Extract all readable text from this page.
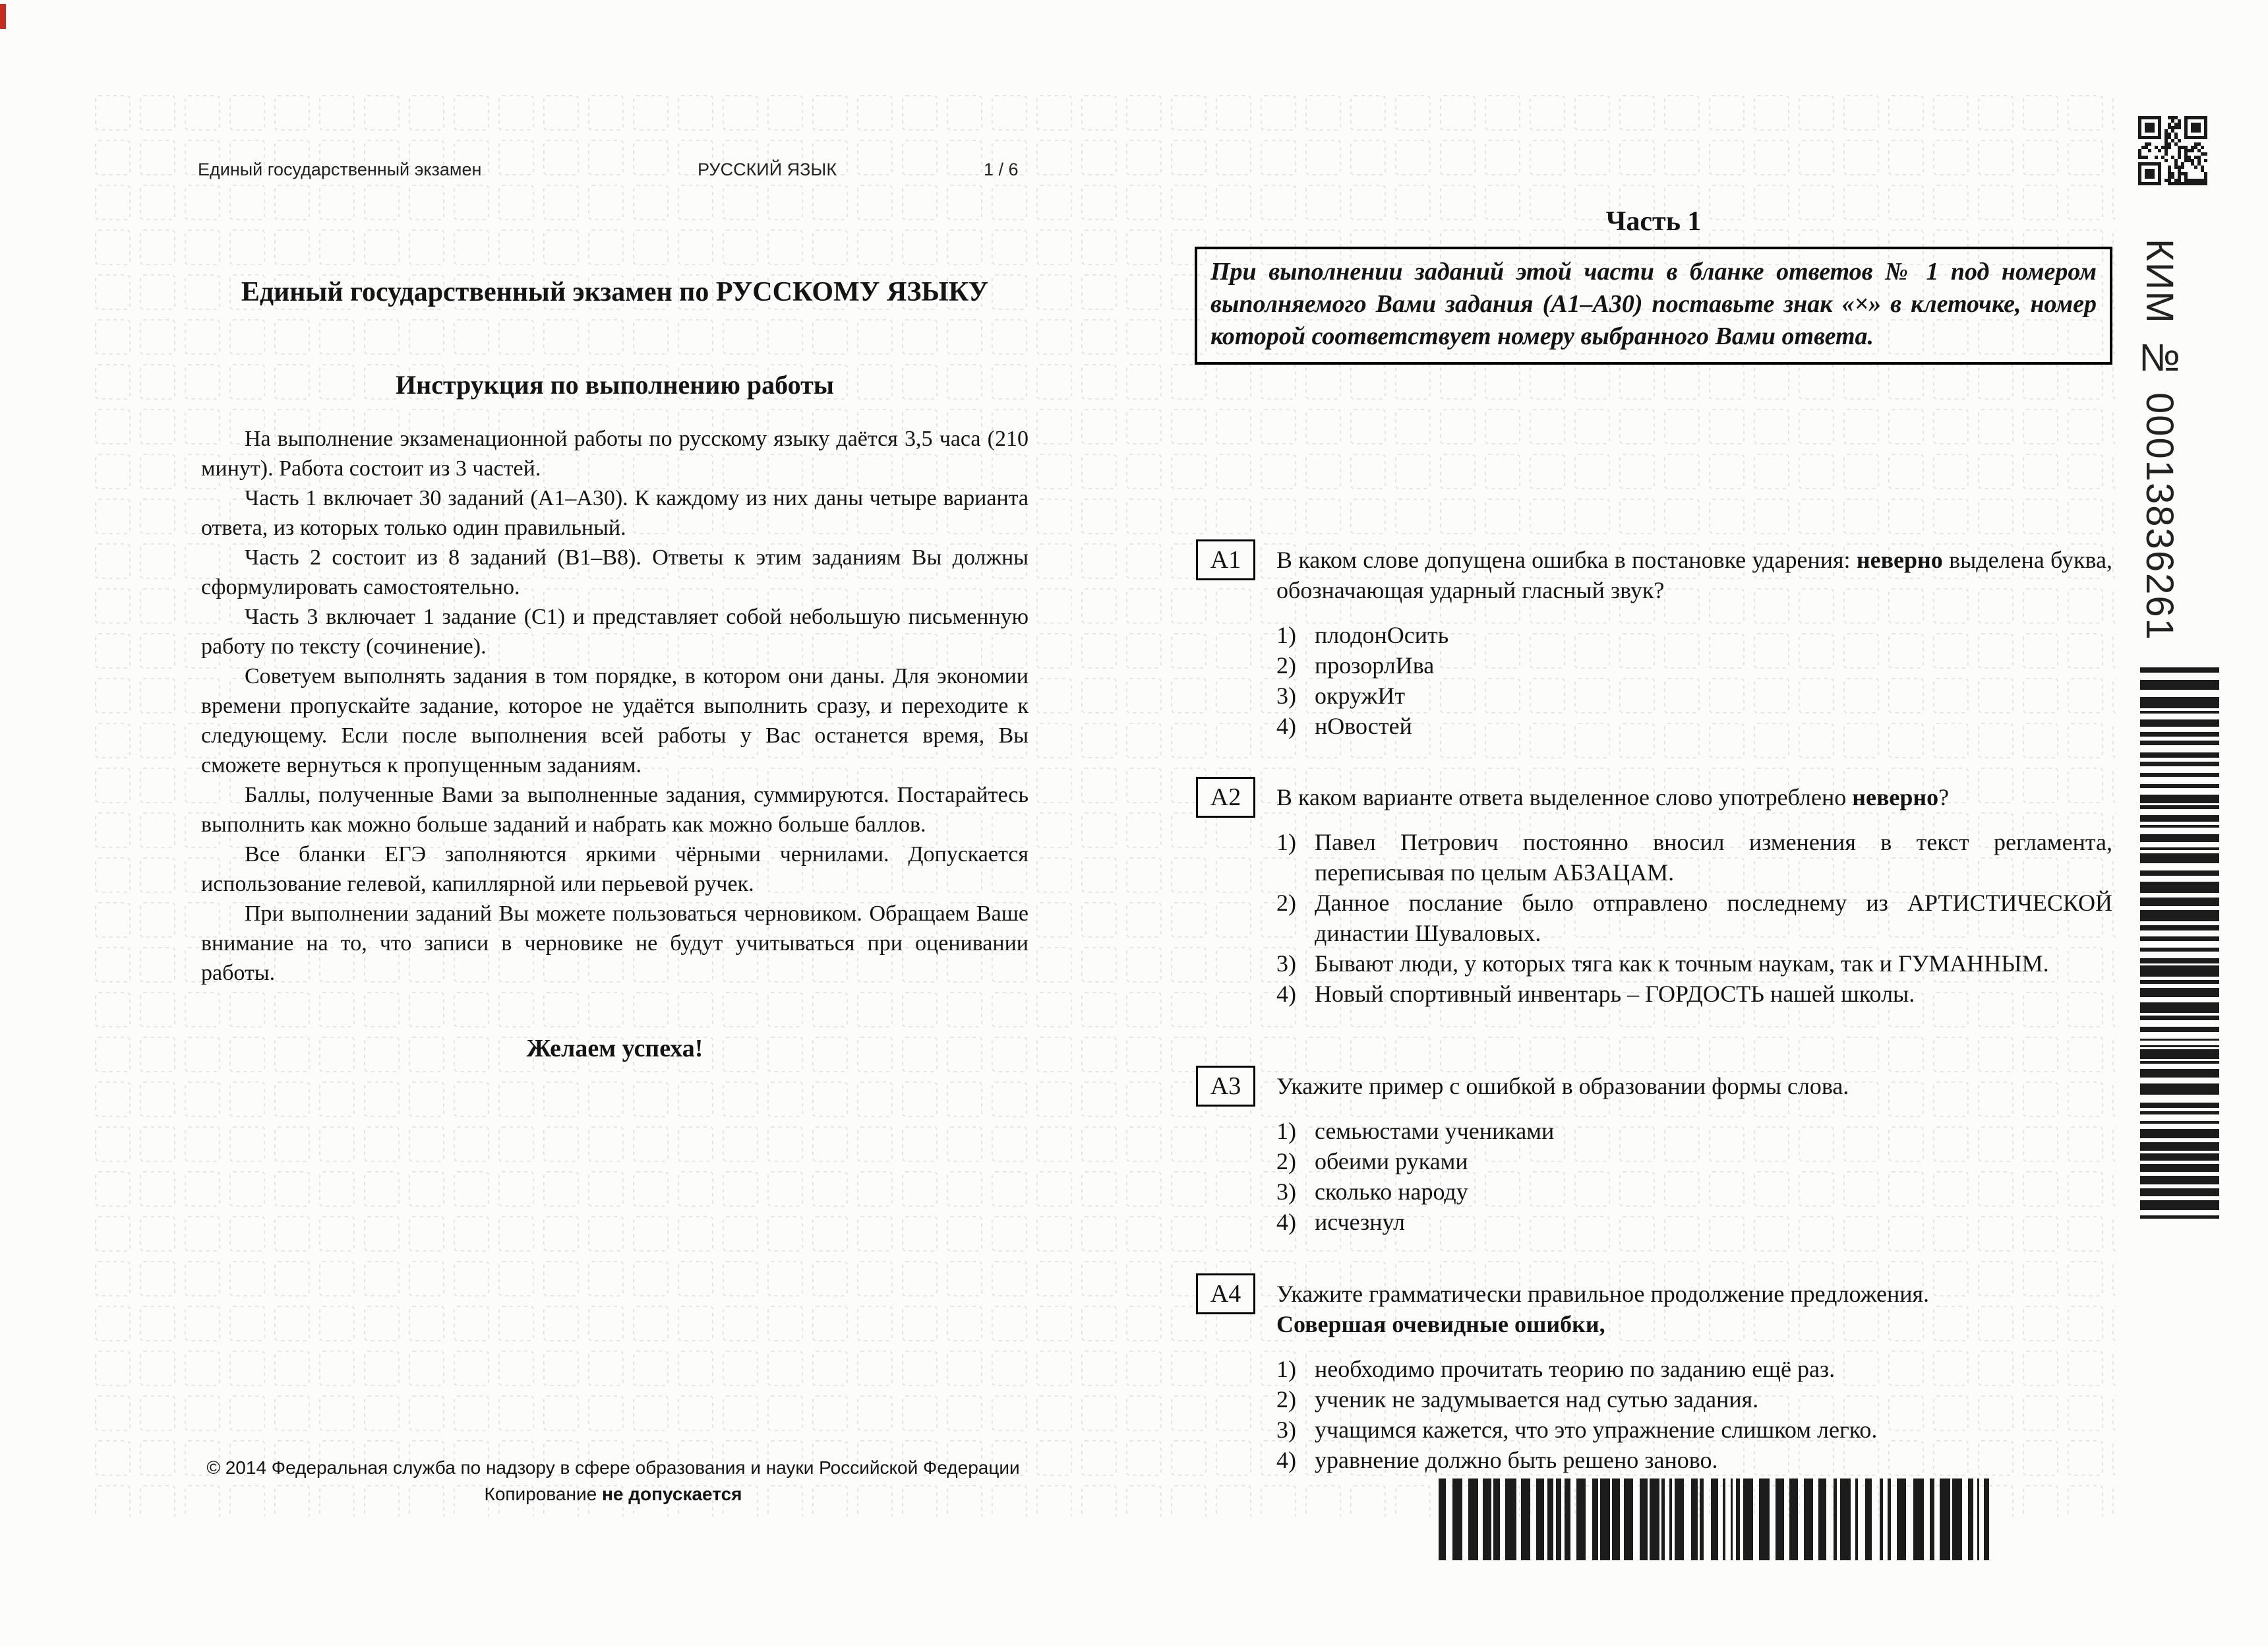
Единый государственный экзамен	РУССКИЙ ЯЗЫК	1 / 6
Единый государственный экзамен по РУССКОМУ ЯЗЫКУ
Инструкция по выполнению работы

На выполнение экзаменационной работы по русскому языку даётся 3,5 часа (210 минут). Работа состоит из 3 частей.

Часть 1 включает 30 заданий (А1–А30). К каждому из них даны четыре варианта ответа, из которых только один правильный.

Часть 2 состоит из 8 заданий (В1–В8). Ответы к этим заданиям Вы должны сформулировать самостоятельно.

Часть 3 включает 1 задание (С1) и представляет собой небольшую письменную работу по тексту (сочинение).

Советуем выполнять задания в том порядке, в котором они даны. Для экономии времени пропускайте задание, которое не удаётся выполнить сразу, и переходите к следующему. Если после выполнения всей работы у Вас останется время, Вы сможете вернуться к пропущенным заданиям.

Баллы, полученные Вами за выполненные задания, суммируются. Постарайтесь выполнить как можно больше заданий и набрать как можно больше баллов.

Все бланки ЕГЭ заполняются яркими чёрными чернилами. Допускается использование гелевой, капиллярной или перьевой ручек.

При выполнении заданий Вы можете пользоваться черновиком. Обращаем Ваше внимание на то, что записи в черновике не будут учитываться при оценивании работы.

Желаем успеха!

© 2014 Федеральная служба по надзору в сфере образования и науки Российской Федерации

Копирование не допускается

Часть 1
При выполнении заданий этой части в бланке ответов № 1 под номером выполняемого Вами задания (А1–А30) поставьте знак «×» в клеточке, номер которой соответствует номеру выбранного Вами ответа.
А1 В каком слове допущена ошибка в постановке ударения: неверно выделена буква, обозначающая ударный гласный звук?

1) плодонОсить
2) прозорлИва
3) окружИт
4) нОвостей
А2 В каком варианте ответа выделенное слово употреблено неверно?

1) Павел Петрович постоянно вносил изменения в текст регламента, переписывая по целым АБЗАЦАМ.
2) Данное послание было отправлено последнему из АРТИСТИЧЕСКОЙ династии Шуваловых.
3) Бывают люди, у которых тяга как к точным наукам, так и ГУМАННЫМ.
4) Новый спортивный инвентарь – ГОРДОСТЬ нашей школы.
А3 Укажите пример с ошибкой в образовании формы слова.

1) семьюстами учениками
2) обеими руками
3) сколько народу
4) исчезнул
А4 Укажите грамматически правильное продолжение предложения.

Совершая очевидные ошибки,

1) необходимо прочитать теорию по заданию ещё раз.
2) ученик не задумывается над сутью задания.
3) учащимся кажется, что это упражнение слишком легко.
4) уравнение должно быть решено заново.
КИМ № 00013836261
